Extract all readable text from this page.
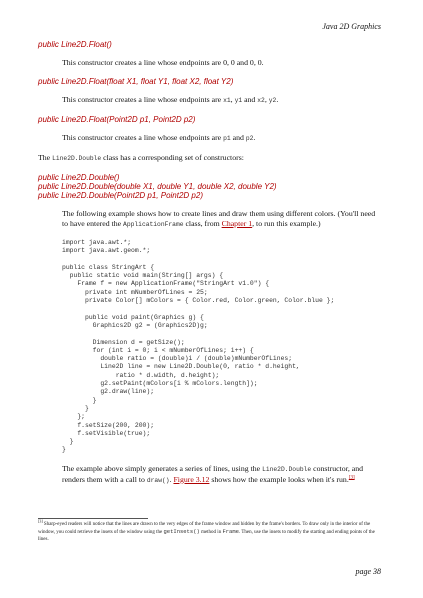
Java 2D Graphics
public Line2D.Float()
This constructor creates a line whose endpoints are 0, 0 and 0, 0.
public Line2D.Float(float X1, float Y1, float X2, float Y2)
This constructor creates a line whose endpoints are x1, y1 and x2, y2.
public Line2D.Float(Point2D p1, Point2D p2)
This constructor creates a line whose endpoints are p1 and p2.
The Line2D.Double class has a corresponding set of constructors:
public Line2D.Double()
public Line2D.Double(double X1, double Y1, double X2, double Y2)
public Line2D.Double(Point2D p1, Point2D p2)
The following example shows how to create lines and draw them using different colors. (You'll need to have entered the ApplicationFrame class, from Chapter 1, to run this example.)
import java.awt.*;
import java.awt.geom.*;

public class StringArt {
public static void main(String[] args) {
Frame f = new ApplicationFrame("StringArt v1.0") {
private int mNumberOfLines = 25;
private Color[] mColors = { Color.red, Color.green, Color.blue };

public void paint(Graphics g) {
Graphics2D g2 = (Graphics2D)g;

Dimension d = getSize();
for (int i = 0; i < mNumberOfLines; i++) {
double ratio = (double)i / (double)mNumberOfLines;
Line2D line = new Line2D.Double(0, ratio * d.height,
ratio * d.width, d.height);
g2.setPaint(mColors[i % mColors.length]);
g2.draw(line);
}
}
};
f.setSize(200, 200);
f.setVisible(true);
}
}
The example above simply generates a series of lines, using the Line2D.Double constructor, and renders them with a call to draw(). Figure 3.12 shows how the example looks when it's run.[3]
[3] Sharp-eyed readers will notice that the lines are drawn to the very edges of the frame window and hidden by the frame's borders. To draw only in the interior of the window, you could retrieve the insets of the window using the getInsets() method in Frame. Then, use the insets to modify the starting and ending points of the lines.
page 38
